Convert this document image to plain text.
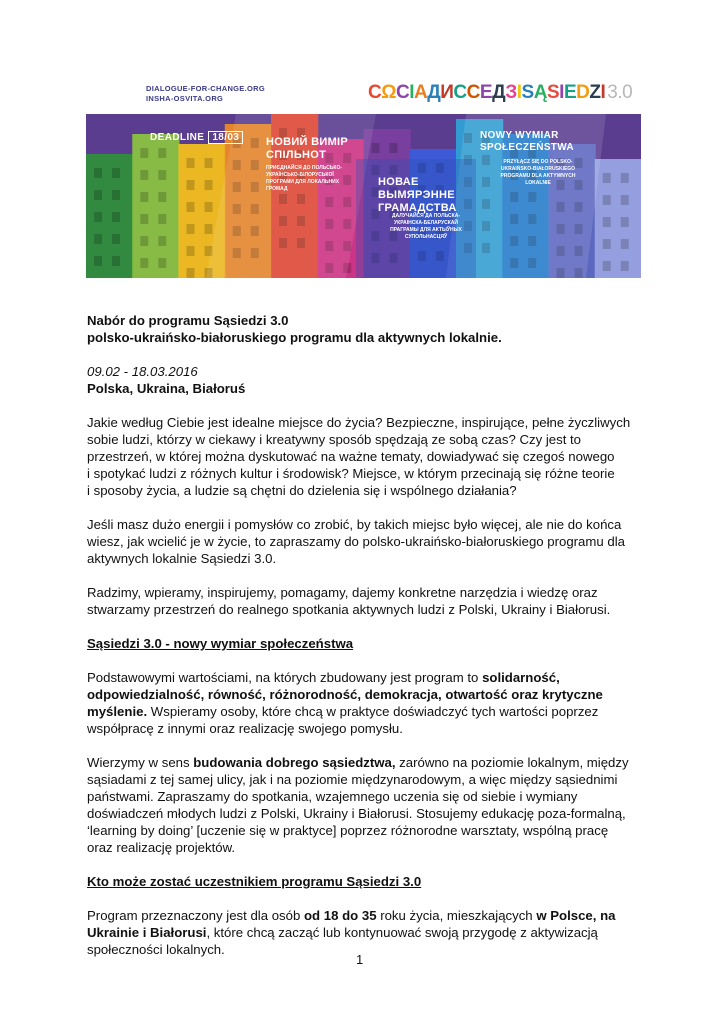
DIALOGUE-FOR-CHANGE.ORG
INSHA-OSVITA.ORG	CΩCIAДИCCEДЗISĄSIEDZI 3.0
DEADLINE 18/03	НОВИЙ ВИМІР
СПІЛЬНОТ
ПРИЄДНАЙСЯ ДО ПОЛЬСЬКО-УКРАЇНСЬКО-БІЛОРУСЬКОЇ ПРОГРАМИ ДЛЯ ЛОКАЛЬНИХ ГРОМАД
НОВАЕ
ВЫМЯРЭННЕ
ГРАМАДСТВА
ДАЛУЧАЙСЯ ДА ПОЛЬСКА-УКРАІНСКА-БЕЛАРУСКАЙ ПРАГРАМЫ ДЛЯ АКТЫЎНЫХ СУПОЛЬНАСЦЯЎ
NOWY WYMIAR
SPOŁECZEŃSTWA
PRZYŁĄCZ SIĘ DO POLSKO-UKRAIŃSKO-BIAŁORUSKIEGO PROGRAMU DLA AKTYWNYCH LOKALNIE

Nabór do programu Sąsiedzi 3.0

polsko-ukraińsko-białoruskiego programu dla aktywnych lokalnie.

09.02 - 18.03.2016

Polska, Ukraina, Białoruś

Jakie według Ciebie jest idealne miejsce do życia? Bezpieczne, inspirujące, pełne życzliwych

sobie ludzi, którzy w ciekawy i kreatywny sposób spędzają ze sobą czas? Czy jest to

przestrzeń, w której można dyskutować na ważne tematy, dowiadywać się czegoś nowego

i spotykać ludzi z różnych kultur i środowisk? Miejsce, w którym przecinają się różne teorie

i sposoby życia, a ludzie są chętni do dzielenia się i wspólnego działania?

Jeśli masz dużo energii i pomysłów co zrobić, by takich miejsc było więcej, ale nie do końca

wiesz, jak wcielić je w życie, to zapraszamy do polsko-ukraińsko-białoruskiego programu dla

aktywnych lokalnie Sąsiedzi 3.0.

Radzimy, wpieramy, inspirujemy, pomagamy, dajemy konkretne narzędzia i wiedzę oraz

stwarzamy przestrzeń do realnego spotkania aktywnych ludzi z Polski, Ukrainy i Białorusi.

Sąsiedzi 3.0 - nowy wymiar społeczeństwa

Podstawowymi wartościami, na których zbudowany jest program to solidarność,

odpowiedzialność, równość, różnorodność, demokracja, otwartość oraz krytyczne

myślenie. Wspieramy osoby, które chcą w praktyce doświadczyć tych wartości poprzez

współpracę z innymi oraz realizację swojego pomysłu.

Wierzymy w sens budowania dobrego sąsiedztwa, zarówno na poziomie lokalnym, między

sąsiadami z tej samej ulicy, jak i na poziomie międzynarodowym, a więc między sąsiednimi

państwami. Zapraszamy do spotkania, wzajemnego uczenia się od siebie i wymiany

doświadczeń młodych ludzi z Polski, Ukrainy i Białorusi. Stosujemy edukację poza-formalną,

‘learning by doing’ [uczenie się w praktyce] poprzez różnorodne warsztaty, wspólną pracę

oraz realizację projektów.

Kto może zostać uczestnikiem programu Sąsiedzi 3.0

Program przeznaczony jest dla osób od 18 do 35 roku życia, mieszkających w Polsce, na

Ukrainie i Białorusi, które chcą zacząć lub kontynuować swoją przygodę z aktywizacją

społeczności lokalnych.

1
